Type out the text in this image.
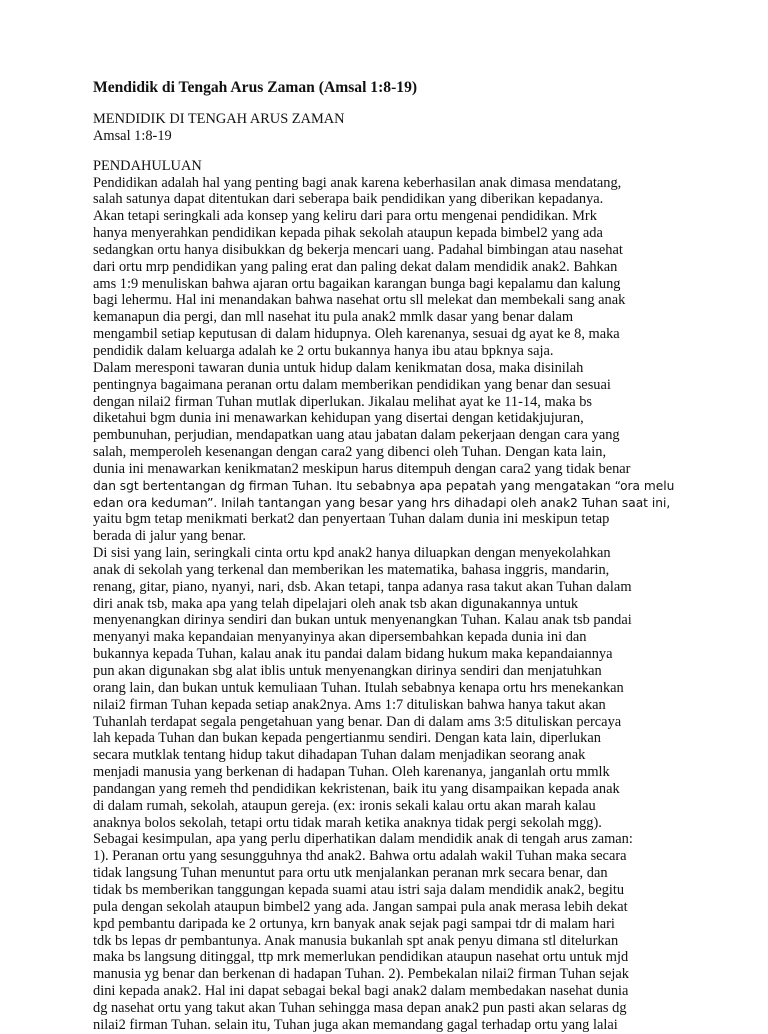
Mendidik di Tengah Arus Zaman (Amsal 1:8-19)
MENDIDIK DI TENGAH ARUS ZAMAN
Amsal 1:8-19
PENDAHULUAN
Pendidikan adalah hal yang penting bagi anak karena keberhasilan anak dimasa mendatang,
salah satunya dapat ditentukan dari seberapa baik pendidikan yang diberikan kepadanya.
Akan tetapi seringkali ada konsep yang keliru dari para ortu mengenai pendidikan. Mrk
hanya menyerahkan pendidikan kepada pihak sekolah ataupun kepada bimbel2 yang ada
sedangkan ortu hanya disibukkan dg bekerja mencari uang. Padahal bimbingan atau nasehat
dari ortu mrp pendidikan yang paling erat dan paling dekat dalam mendidik anak2. Bahkan
ams 1:9 menuliskan bahwa ajaran ortu bagaikan karangan bunga bagi kepalamu dan kalung
bagi lehermu. Hal ini menandakan bahwa nasehat ortu sll melekat dan membekali sang anak
kemanapun dia pergi, dan mll nasehat itu pula anak2 mmlk dasar yang benar dalam
mengambil setiap keputusan di dalam hidupnya. Oleh karenanya, sesuai dg ayat ke 8, maka
pendidik dalam keluarga adalah ke 2 ortu bukannya hanya ibu atau bpknya saja.
Dalam meresponi tawaran dunia untuk hidup dalam kenikmatan dosa, maka disinilah
pentingnya bagaimana peranan ortu dalam memberikan pendidikan yang benar dan sesuai
dengan nilai2 firman Tuhan mutlak diperlukan. Jikalau melihat ayat ke 11-14, maka bs
diketahui bgm dunia ini menawarkan kehidupan yang disertai dengan ketidakjujuran,
pembunuhan, perjudian, mendapatkan uang atau jabatan dalam pekerjaan dengan cara yang
salah, memperoleh kesenangan dengan cara2 yang dibenci oleh Tuhan. Dengan kata lain,
dunia ini menawarkan kenikmatan2 meskipun harus ditempuh dengan cara2 yang tidak benar
dan sgt bertentangan dg firman Tuhan. Itu sebabnya apa pepatah yang mengatakan “ora melu
edan ora keduman”. Inilah tantangan yang besar yang hrs dihadapi oleh anak2 Tuhan saat ini,
yaitu bgm tetap menikmati berkat2 dan penyertaan Tuhan dalam dunia ini meskipun tetap
berada di jalur yang benar.
Di sisi yang lain, seringkali cinta ortu kpd anak2 hanya diluapkan dengan menyekolahkan
anak di sekolah yang terkenal dan memberikan les matematika, bahasa inggris, mandarin,
renang, gitar, piano, nyanyi, nari, dsb. Akan tetapi, tanpa adanya rasa takut akan Tuhan dalam
diri anak tsb, maka apa yang telah dipelajari oleh anak tsb akan digunakannya untuk
menyenangkan dirinya sendiri dan bukan untuk menyenangkan Tuhan. Kalau anak tsb pandai
menyanyi maka kepandaian menyanyinya akan dipersembahkan kepada dunia ini dan
bukannya kepada Tuhan, kalau anak itu pandai dalam bidang hukum maka kepandaiannya
pun akan digunakan sbg alat iblis untuk menyenangkan dirinya sendiri dan menjatuhkan
orang lain, dan bukan untuk kemuliaan Tuhan. Itulah sebabnya kenapa ortu hrs menekankan
nilai2 firman Tuhan kepada setiap anak2nya. Ams 1:7 dituliskan bahwa hanya takut akan
Tuhanlah terdapat segala pengetahuan yang benar. Dan di dalam ams 3:5 dituliskan percaya
lah kepada Tuhan dan bukan kepada pengertianmu sendiri. Dengan kata lain, diperlukan
secara mutklak tentang hidup takut dihadapan Tuhan dalam menjadikan seorang anak
menjadi manusia yang berkenan di hadapan Tuhan. Oleh karenanya, janganlah ortu mmlk
pandangan yang remeh thd pendidikan kekristenan, baik itu yang disampaikan kepada anak
di dalam rumah, sekolah, ataupun gereja. (ex: ironis sekali kalau ortu akan marah kalau
anaknya bolos sekolah, tetapi ortu tidak marah ketika anaknya tidak pergi sekolah mgg).
Sebagai kesimpulan, apa yang perlu diperhatikan dalam mendidik anak di tengah arus zaman:
1). Peranan ortu yang sesungguhnya thd anak2. Bahwa ortu adalah wakil Tuhan maka secara
tidak langsung Tuhan menuntut para ortu utk menjalankan peranan mrk secara benar, dan
tidak bs memberikan tanggungan kepada suami atau istri saja dalam mendidik anak2, begitu
pula dengan sekolah ataupun bimbel2 yang ada. Jangan sampai pula anak merasa lebih dekat
kpd pembantu daripada ke 2 ortunya, krn banyak anak sejak pagi sampai tdr di malam hari
tdk bs lepas dr pembantunya. Anak manusia bukanlah spt anak penyu dimana stl ditelurkan
maka bs langsung ditinggal, ttp mrk memerlukan pendidikan ataupun nasehat ortu untuk mjd
manusia yg benar dan berkenan di hadapan Tuhan. 2). Pembekalan nilai2 firman Tuhan sejak
dini kepada anak2. Hal ini dapat sebagai bekal bagi anak2 dalam membedakan nasehat dunia
dg nasehat ortu yang takut akan Tuhan sehingga masa depan anak2 pun pasti akan selaras dg
nilai2 firman Tuhan. selain itu, Tuhan juga akan memandang gagal terhadap ortu yang lalai
